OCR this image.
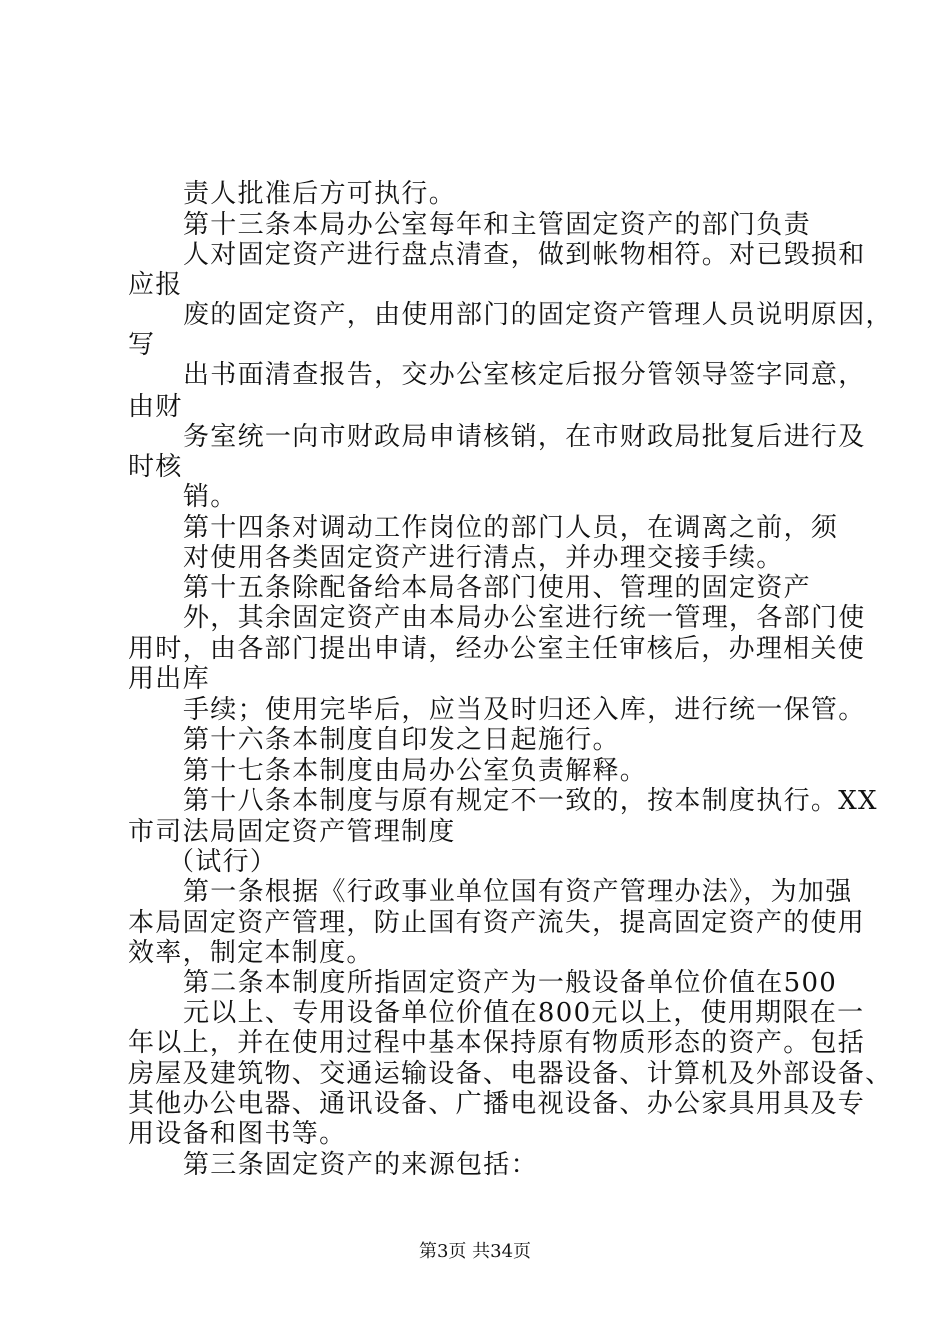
责人批准后方可执行。
第十三条本局办公室每年和主管固定资产的部门负责
人对固定资产进行盘点清查，做到帐物相符。对已毁损和
应报
废的固定资产，由使用部门的固定资产管理人员说明原因，
写
出书面清查报告，交办公室核定后报分管领导签字同意，
由财
务室统一向市财政局申请核销，在市财政局批复后进行及
时核
销。
第十四条对调动工作岗位的部门人员，在调离之前，须
对使用各类固定资产进行清点，并办理交接手续。
第十五条除配备给本局各部门使用、管理的固定资产
外，其余固定资产由本局办公室进行统一管理，各部门使
用时，由各部门提出申请，经办公室主任审核后，办理相关使
用出库
手续；使用完毕后，应当及时归还入库，进行统一保管。
第十六条本制度自印发之日起施行。
第十七条本制度由局办公室负责解释。
第十八条本制度与原有规定不一致的，按本制度执行。XX
市司法局固定资产管理制度
（试行）
第一条根据《行政事业单位国有资产管理办法》，为加强
本局固定资产管理，防止国有资产流失，提高固定资产的使用
效率，制定本制度。
第二条本制度所指固定资产为一般设备单位价值在500
元以上、专用设备单位价值在800元以上，使用期限在一
年以上，并在使用过程中基本保持原有物质形态的资产。包括
房屋及建筑物、交通运输设备、电器设备、计算机及外部设备、
其他办公电器、通讯设备、广播电视设备、办公家具用具及专
用设备和图书等。
第三条固定资产的来源包括：
第3页 共34页
